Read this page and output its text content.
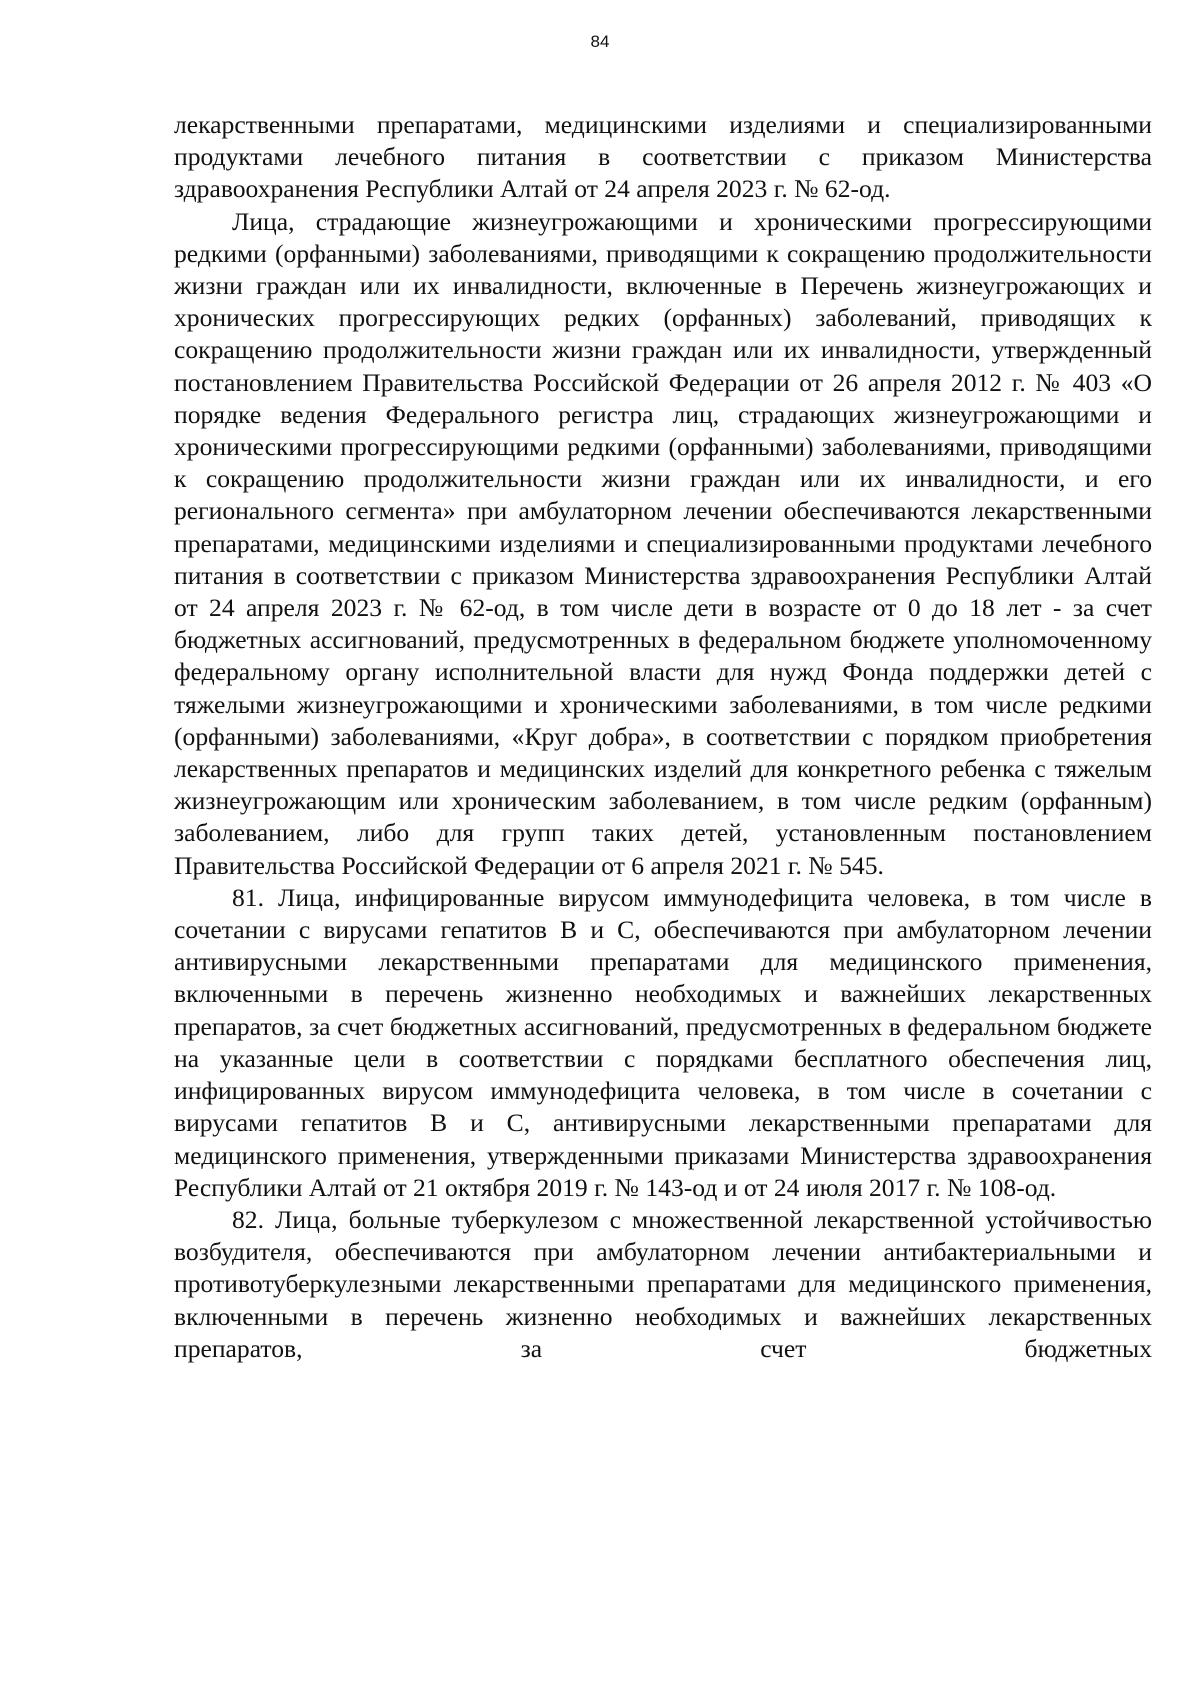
84

лекарственными препаратами, медицинскими изделиями и специализированными продуктами лечебного питания в соответствии с приказом Министерства здравоохранения Республики Алтай от 24 апреля 2023 г. № 62-од.

Лица, страдающие жизнеугрожающими и хроническими прогрессирующими редкими (орфанными) заболеваниями, приводящими к сокращению продолжительности жизни граждан или их инвалидности, включенные в Перечень жизнеугрожающих и хронических прогрессирующих редких (орфанных) заболеваний, приводящих к сокращению продолжительности жизни граждан или их инвалидности, утвержденный постановлением Правительства Российской Федерации от 26 апреля 2012 г. № 403 «О порядке ведения Федерального регистра лиц, страдающих жизнеугрожающими и хроническими прогрессирующими редкими (орфанными) заболеваниями, приводящими к сокращению продолжительности жизни граждан или их инвалидности, и его регионального сегмента» при амбулаторном лечении обеспечиваются лекарственными препаратами, медицинскими изделиями и специализированными продуктами лечебного питания в соответствии с приказом Министерства здравоохранения Республики Алтай от 24 апреля 2023 г. № 62-од, в том числе дети в возрасте от 0 до 18 лет - за счет бюджетных ассигнований, предусмотренных в федеральном бюджете уполномоченному федеральному органу исполнительной власти для нужд Фонда поддержки детей с тяжелыми жизнеугрожающими и хроническими заболеваниями, в том числе редкими (орфанными) заболеваниями, «Круг добра», в соответствии с порядком приобретения лекарственных препаратов и медицинских изделий для конкретного ребенка с тяжелым жизнеугрожающим или хроническим заболеванием, в том числе редким (орфанным) заболеванием, либо для групп таких детей, установленным постановлением Правительства Российской Федерации от 6 апреля 2021 г. № 545.

81. Лица, инфицированные вирусом иммунодефицита человека, в том числе в сочетании с вирусами гепатитов В и С, обеспечиваются при амбулаторном лечении антивирусными лекарственными препаратами для медицинского применения, включенными в перечень жизненно необходимых и важнейших лекарственных препаратов, за счет бюджетных ассигнований, предусмотренных в федеральном бюджете на указанные цели в соответствии с порядками бесплатного обеспечения лиц, инфицированных вирусом иммунодефицита человека, в том числе в сочетании с вирусами гепатитов В и С, антивирусными лекарственными препаратами для медицинского применения, утвержденными приказами Министерства здравоохранения Республики Алтай от 21 октября 2019 г. № 143-од и от 24 июля 2017 г. № 108-од.

82. Лица, больные туберкулезом с множественной лекарственной устойчивостью возбудителя, обеспечиваются при амбулаторном лечении антибактериальными и противотуберкулезными лекарственными препаратами для медицинского применения, включенными в перечень жизненно необходимых и важнейших лекарственных препаратов, за счет бюджетных
